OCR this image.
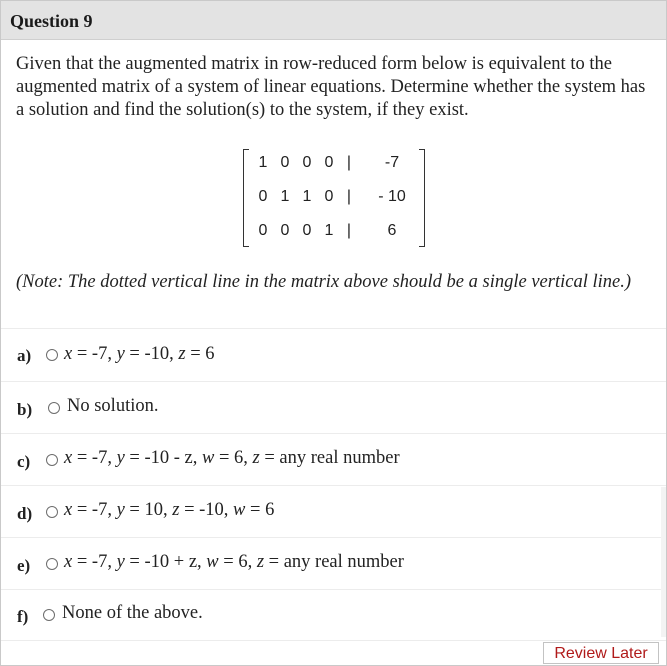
Question 9
Given that the augmented matrix in row-reduced form below is equivalent to the augmented matrix of a system of linear equations. Determine whether the system has a solution and find the solution(s) to the system, if they exist.
1 0 0 0 |	-7
0 1 1 0 |	- 10
0 0 0 1 |	6
(Note: The dotted vertical line in the matrix above should be a single vertical line.)
a) x = -7, y = -10, z = 6
b) No solution.
c) x = -7, y = -10 - z, w = 6, z = any real number
d) x = -7, y = 10, z = -10, w = 6
e) x = -7, y = -10 + z, w = 6, z = any real number
f) None of the above.
Review Later
